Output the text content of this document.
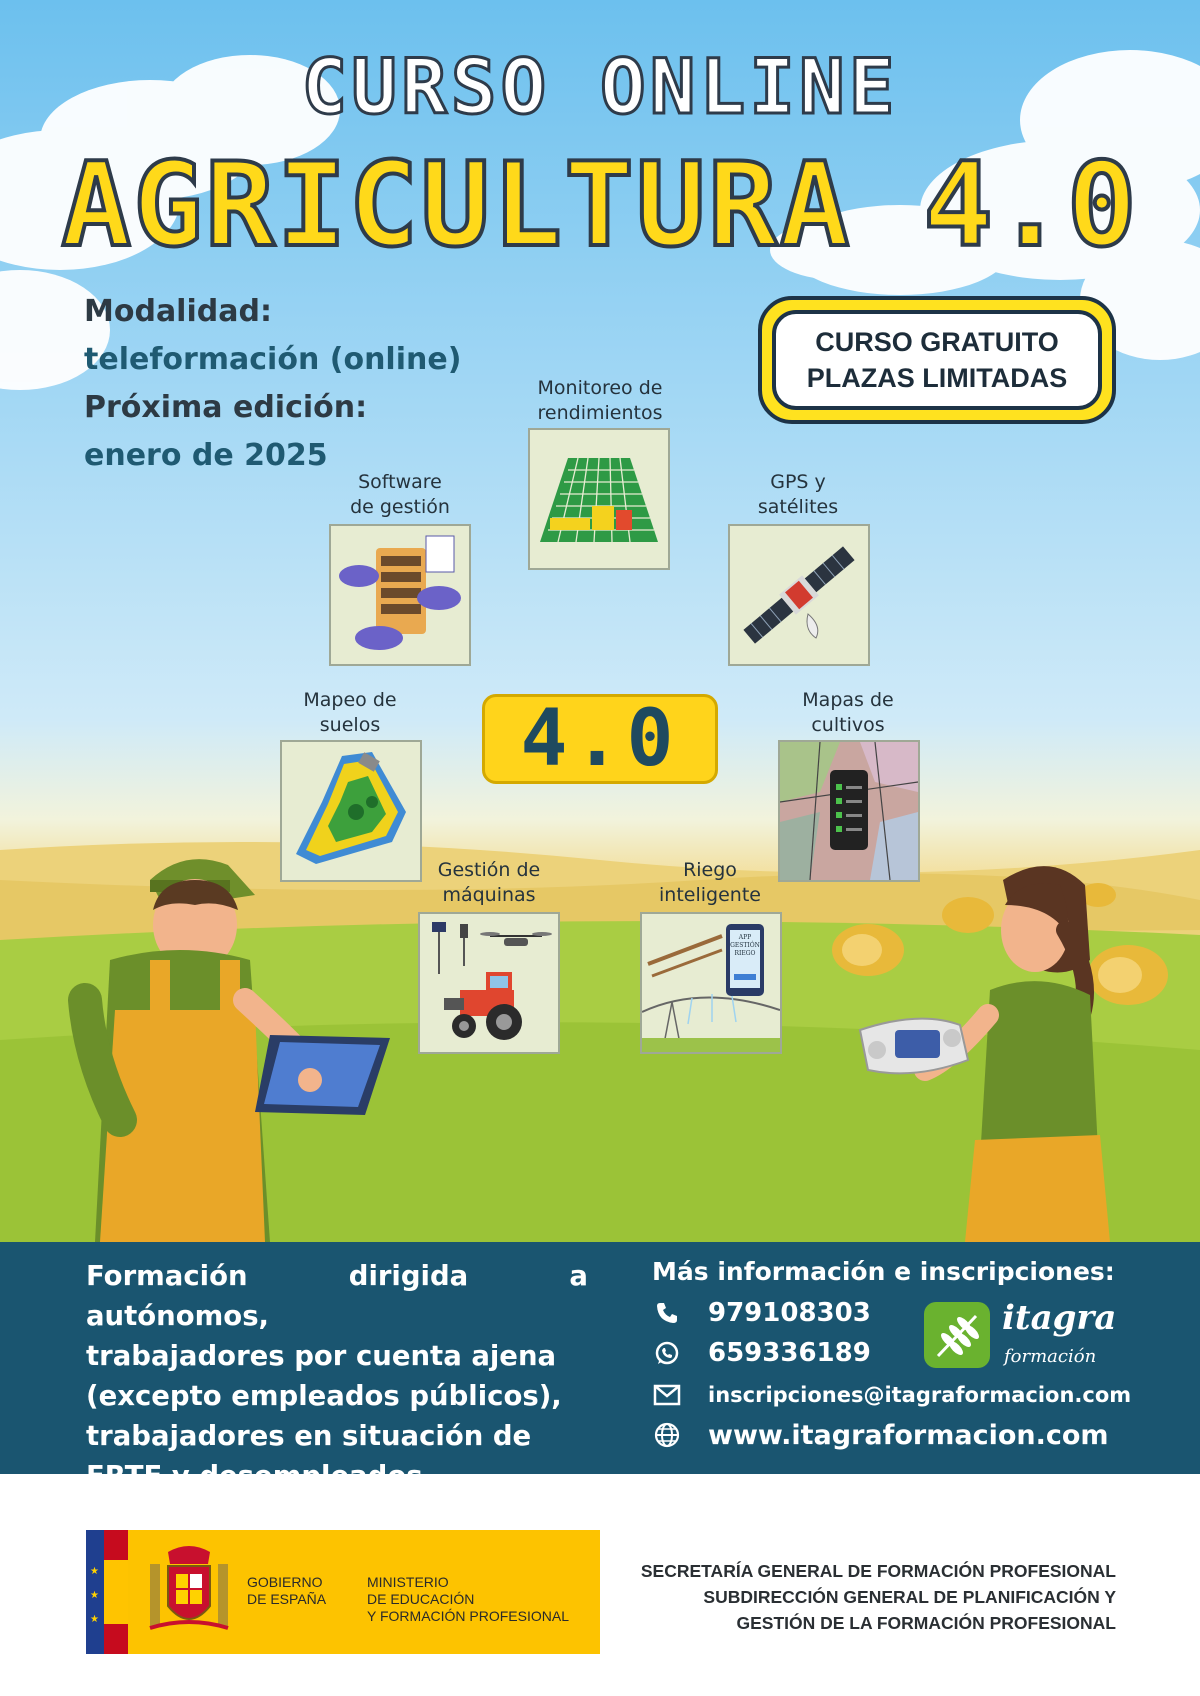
CURSO ONLINE
AGRICULTURA 4.0
Modalidad:
teleformación (online)
Próxima edición:
enero de 2025
CURSO GRATUITO
PLAZAS LIMITADAS
Monitoreo de
rendimientos
Software
de gestión
GPS y
satélites
4.0
Mapeo de
suelos
Mapas de
cultivos
Gestión de
máquinas
Riego
inteligente
APP GESTIÓN RIEGO
Formación dirigida a autónomos,
trabajadores por cuenta ajena
(excepto empleados públicos),
trabajadores en situación de
ERTE y desempleados.
Más información e inscripciones:
979108303
659336189
inscripciones@itagraformacion.com
www.itagraformacion.com
itagra
formación
★
★
★
GOBIERNO
DE ESPAÑA
MINISTERIO
DE EDUCACIÓN
Y FORMACIÓN PROFESIONAL
SECRETARÍA GENERAL DE FORMACIÓN PROFESIONAL
SUBDIRECCIÓN GENERAL DE PLANIFICACIÓN Y
GESTIÓN DE LA FORMACIÓN PROFESIONAL
